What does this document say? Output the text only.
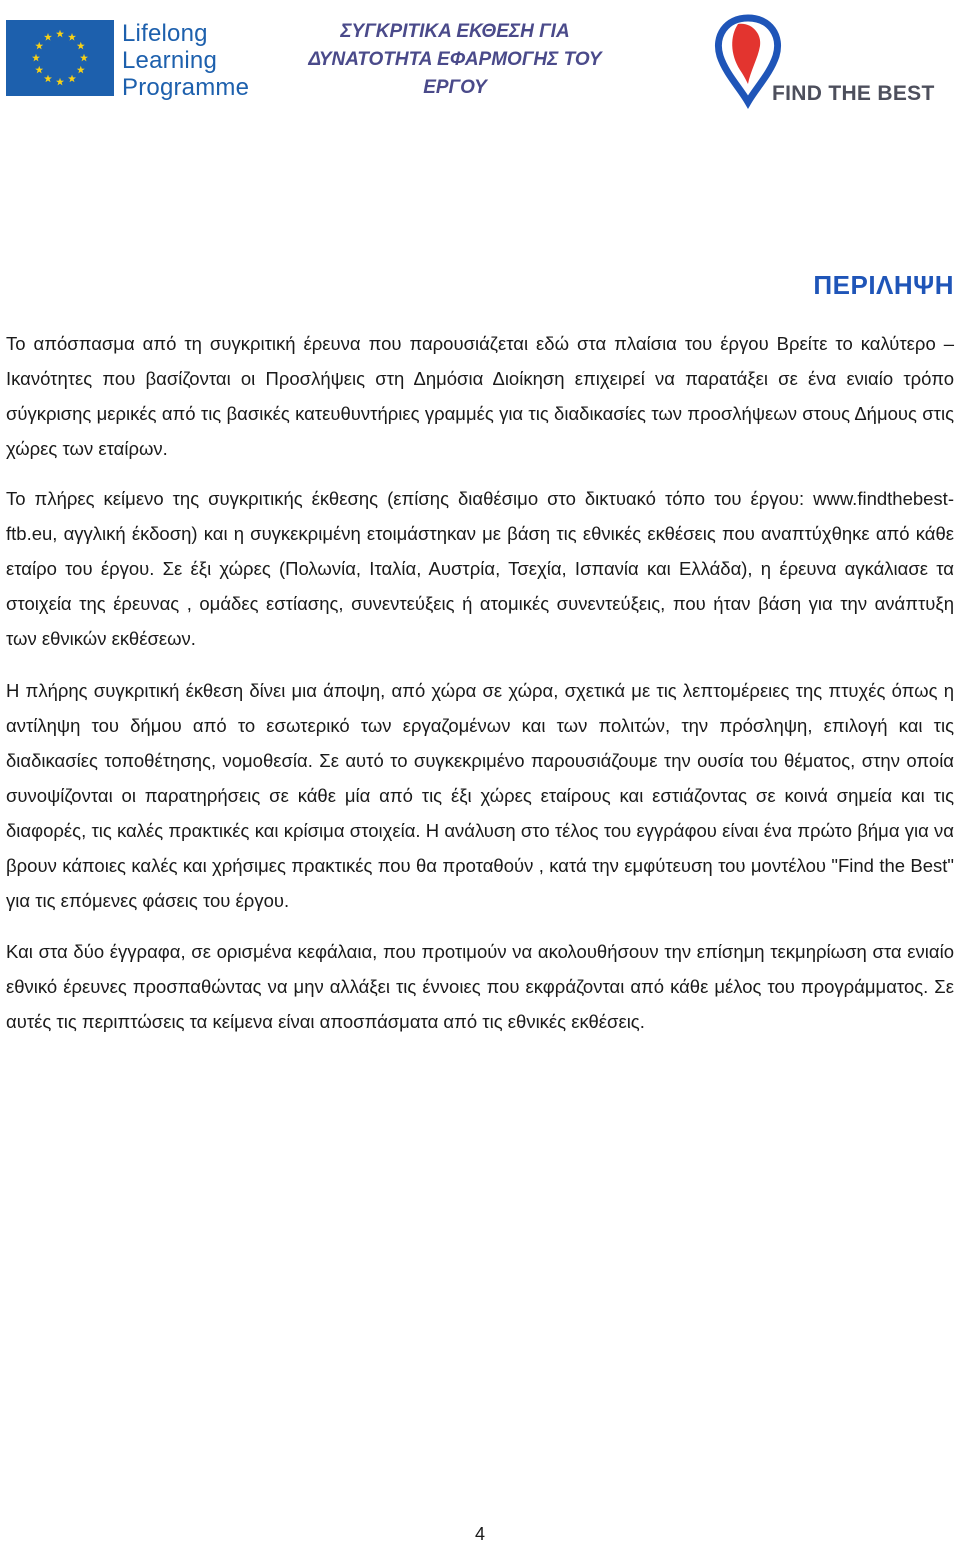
Lifelong
Learning
Programme
ΣΥΓΚΡΙΤΙΚΑ ΕΚΘΕΣΗ ΓΙΑ
ΔΥΝΑΤΟΤΗΤΑ ΕΦΑΡΜΟΓΗΣ ΤΟΥ
ΕΡΓΟΥ	FIND THE BEST
ΠΕΡΙΛΗΨΗ

Το απόσπασμα από τη συγκριτική έρευνα που παρουσιάζεται εδώ στα πλαίσια του έργου Βρείτε το καλύτερο – Ικανότητες που βασίζονται οι Προσλήψεις στη Δημόσια Διοίκηση επιχειρεί να παρατάξει σε ένα ενιαίο τρόπο σύγκρισης μερικές από τις βασικές κατευθυντήριες γραμμές για τις διαδικασίες των προσλήψεων στους Δήμους στις χώρες των εταίρων.

Το πλήρες κείμενο της συγκριτικής έκθεσης (επίσης διαθέσιμο στο δικτυακό τόπο του έργου: www.findthebest-ftb.eu, αγγλική έκδοση) και η συγκεκριμένη ετοιμάστηκαν με βάση τις εθνικές εκθέσεις που αναπτύχθηκε από κάθε εταίρο του έργου. Σε έξι χώρες (Πολωνία, Ιταλία, Αυστρία, Τσεχία, Ισπανία και Ελλάδα), η έρευνα αγκάλιασε τα στοιχεία της έρευνας , ομάδες εστίασης, συνεντεύξεις ή ατομικές συνεντεύξεις, που ήταν βάση για την ανάπτυξη των εθνικών εκθέσεων.

Η πλήρης συγκριτική έκθεση δίνει μια άποψη, από χώρα σε χώρα, σχετικά με τις λεπτομέρειες της πτυχές όπως η αντίληψη του δήμου από το εσωτερικό των εργαζομένων και των πολιτών, την πρόσληψη, επιλογή και τις διαδικασίες τοποθέτησης, νομοθεσία. Σε αυτό το συγκεκριμένο παρουσιάζουμε την ουσία του θέματος, στην οποία συνοψίζονται οι παρατηρήσεις σε κάθε μία από τις έξι χώρες εταίρους και εστιάζοντας σε κοινά σημεία και τις διαφορές, τις καλές πρακτικές και κρίσιμα στοιχεία. Η ανάλυση στο τέλος του εγγράφου είναι ένα πρώτο βήμα για να βρουν κάποιες καλές και χρήσιμες πρακτικές που θα προταθούν , κατά την εμφύτευση του μοντέλου "Find the Best" για τις επόμενες φάσεις του έργου.

Και στα δύο έγγραφα, σε ορισμένα κεφάλαια, που προτιμούν να ακολουθήσουν την επίσημη τεκμηρίωση στα ενιαίο εθνικό έρευνες προσπαθώντας να μην αλλάξει τις έννοιες που εκφράζονται από κάθε μέλος του προγράμματος. Σε αυτές τις περιπτώσεις τα κείμενα είναι αποσπάσματα από τις εθνικές εκθέσεις.

4
